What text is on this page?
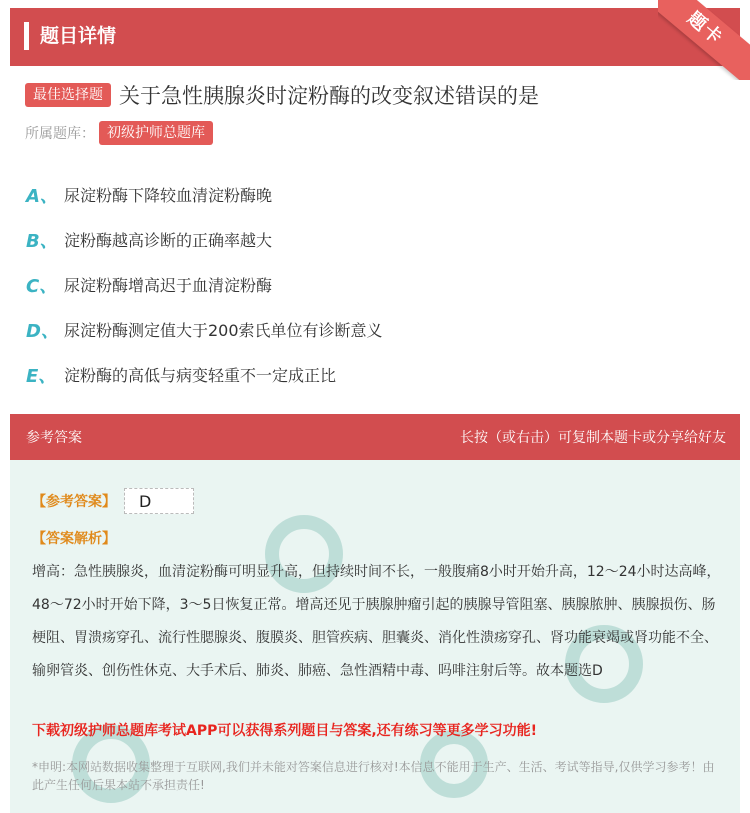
题目详情	题卡
最佳选择题 关于急性胰腺炎时淀粉酶的改变叙述错误的是
所属题库： 初级护师总题库
A、 尿淀粉酶下降较血清淀粉酶晚
B、 淀粉酶越高诊断的正确率越大
C、 尿淀粉酶增高迟于血清淀粉酶
D、 尿淀粉酶测定值大于200索氏单位有诊断意义
E、 淀粉酶的高低与病变轻重不一定成正比
参考答案	长按（或右击）可复制本题卡或分享给好友
【参考答案】	D
【答案解析】
增高：急性胰腺炎，血清淀粉酶可明显升高，但持续时间不长，一般腹痛8小时开始升高，12～24小时达高峰，48～72小时开始下降，3～5日恢复正常。增高还见于胰腺肿瘤引起的胰腺导管阻塞、胰腺脓肿、胰腺损伤、肠梗阻、胃溃疡穿孔、流行性腮腺炎、腹膜炎、胆管疾病、胆囊炎、消化性溃疡穿孔、肾功能衰竭或肾功能不全、输卵管炎、创伤性休克、大手术后、肺炎、肺癌、急性酒精中毒、吗啡注射后等。故本题选D
下载初级护师总题库考试APP可以获得系列题目与答案,还有练习等更多学习功能!
*申明:本网站数据收集整理于互联网,我们并未能对答案信息进行核对!本信息不能用于生产、生活、考试等指导,仅供学习参考！由此产生任何后果本站不承担责任!
